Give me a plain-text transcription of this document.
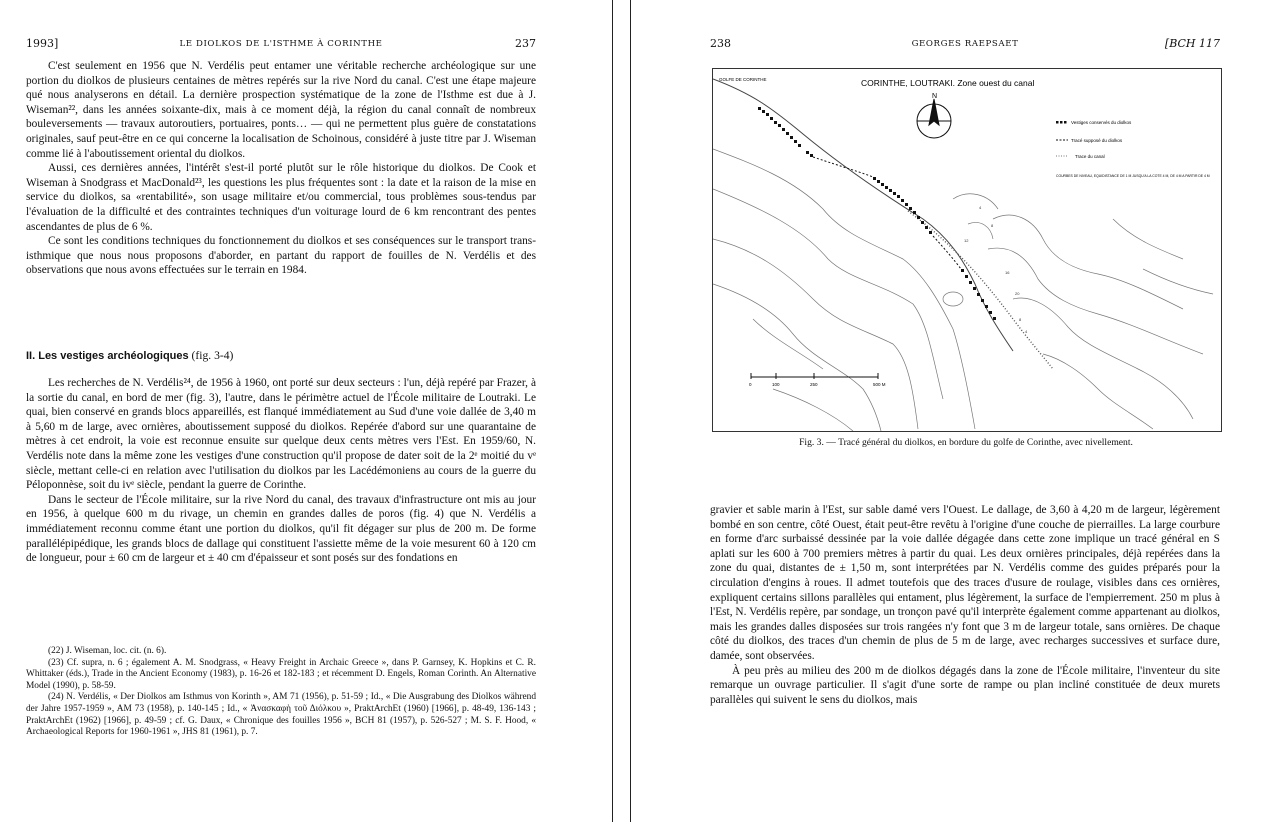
1993]	LE DIOLKOS DE L'ISTHME À CORINTHE	237

C'est seulement en 1956 que N. Verdélis peut entamer une véritable recherche archéologique sur une portion du diolkos de plusieurs centaines de mètres repérés sur la rive Nord du canal. C'est une étape majeure qué nous analyserons en détail. La dernière prospection systématique de la zone de l'Isthme est due à J. Wiseman²², dans les années soixante-dix, mais à ce moment déjà, la région du canal connaît de nombreux bouleversements — travaux autoroutiers, portuaires, ponts… — qui ne permettent plus guère de constatations originales, sauf peut-être en ce qui concerne la localisation de Schoinous, considéré à juste titre par J. Wiseman comme lié à l'aboutissement oriental du diolkos.

Aussi, ces dernières années, l'intérêt s'est-il porté plutôt sur le rôle historique du diolkos. De Cook et Wiseman à Snodgrass et MacDonald²³, les questions les plus fréquentes sont : la date et la raison de la mise en service du diolkos, sa «rentabilité», son usage militaire et/ou commercial, tous problèmes sous-tendus par l'évaluation de la difficulté et des contraintes techniques d'un voiturage lourd de 6 km rencontrant des pentes ascendantes de plus de 6 %.

Ce sont les conditions techniques du fonctionnement du diolkos et ses conséquences sur le transport trans-isthmique que nous nous proposons d'aborder, en partant du rapport de fouilles de N. Verdélis et des observations que nous avons effectuées sur le terrain en 1984.

II. Les vestiges archéologiques (fig. 3-4)

Les recherches de N. Verdélis²⁴, de 1956 à 1960, ont porté sur deux secteurs : l'un, déjà repéré par Frazer, à la sortie du canal, en bord de mer (fig. 3), l'autre, dans le périmètre actuel de l'École militaire de Loutraki. Le quai, bien conservé en grands blocs appareillés, est flanqué immédiatement au Sud d'une voie dallée de 3,40 m à 5,60 m de large, avec ornières, aboutissement supposé du diolkos. Repérée d'abord sur une quarantaine de mètres à cet endroit, la voie est reconnue ensuite sur quelque deux cents mètres vers l'Est. En 1959/60, N. Verdélis note dans la même zone les vestiges d'une construction qu'il propose de dater soit de la 2ᵉ moitié du vᵉ siècle, mettant celle-ci en relation avec l'utilisation du diolkos par les Lacédémoniens au cours de la guerre du Péloponnèse, soit du ivᵉ siècle, pendant la guerre de Corinthe.

Dans le secteur de l'École militaire, sur la rive Nord du canal, des travaux d'infrastructure ont mis au jour en 1956, à quelque 600 m du rivage, un chemin en grandes dalles de poros (fig. 4) que N. Verdélis a immédiatement reconnu comme étant une portion du diolkos, qu'il fit dégager sur plus de 200 m. De forme parallélépipédique, les grands blocs de dallage qui constituent l'assiette même de la voie mesurent 60 à 120 cm de longueur, pour ± 60 cm de largeur et ± 40 cm d'épaisseur et sont posés sur des fondations en

(22) J. Wiseman, loc. cit. (n. 6).

(23) Cf. supra, n. 6 ; également A. M. Snodgrass, « Heavy Freight in Archaic Greece », dans P. Garnsey, K. Hopkins et C. R. Whittaker (éds.), Trade in the Ancient Economy (1983), p. 16-26 et 182-183 ; et récemment D. Engels, Roman Corinth. An Alternative Model (1990), p. 58-59.

(24) N. Verdélis, « Der Diolkos am Isthmus von Korinth », AM 71 (1956), p. 51-59 ; Id., « Die Ausgrabung des Diolkos während der Jahre 1957-1959 », AM 73 (1958), p. 140-145 ; Id., « Ἀνασκαφὴ τοῦ Διόλκου », PraktArchEt (1960) [1966], p. 48-49, 136-143 ; PraktArchEt (1962) [1966], p. 49-59 ; cf. G. Daux, « Chronique des fouilles 1956 », BCH 81 (1957), p. 526-527 ; M. S. F. Hood, « Archaeological Reports for 1960-1961 », JHS 81 (1961), p. 7.

238	GEORGES RAEPSAET	[BCH 117
N
CORINTHE, LOUTRAKI. Zone ouest du canal
GOLFE DE CORINTHE
Vestiges conservés du diolkos
Tracé supposé du diolkos
Trace du canal
COURBES DE NIVEAU, EQUIDISTANCE DE 1 M JUSQU'A LA COTE 4 M, DE 4 M A PARTIR DE 4 M
4
8
12
16
20
8
4
0	100	250	500 M
Fig. 3. — Tracé général du diolkos, en bordure du golfe de Corinthe, avec nivellement.

gravier et sable marin à l'Est, sur sable damé vers l'Ouest. Le dallage, de 3,60 à 4,20 m de largeur, légèrement bombé en son centre, côté Ouest, était peut-être revêtu à l'origine d'une couche de pierrailles. La large courbure en forme d'arc surbaissé dessinée par la voie dallée dégagée dans cette zone implique un tracé général en S aplati sur les 600 à 700 premiers mètres à partir du quai. Les deux ornières principales, déjà repérées dans la zone du quai, distantes de ± 1,50 m, sont interprétées par N. Verdélis comme des guides préparés pour la circulation d'engins à roues. Il admet toutefois que des traces d'usure de roulage, visibles dans ces ornières, expliquent certains sillons parallèles qui entament, plus légèrement, la surface de l'empierrement. 250 m plus à l'Est, N. Verdélis repère, par sondage, un tronçon pavé qu'il interprète également comme appartenant au diolkos, mais les grandes dalles disposées sur trois rangées n'y font que 3 m de largeur totale, sans ornières. De chaque côté du diolkos, des traces d'un chemin de plus de 5 m de large, avec recharges successives et surface dure, damée, sont observées.

À peu près au milieu des 200 m de diolkos dégagés dans la zone de l'École militaire, l'inventeur du site remarque un ouvrage particulier. Il s'agit d'une sorte de rampe ou plan incliné constituée de deux murets parallèles qui suivent le sens du diolkos, mais
